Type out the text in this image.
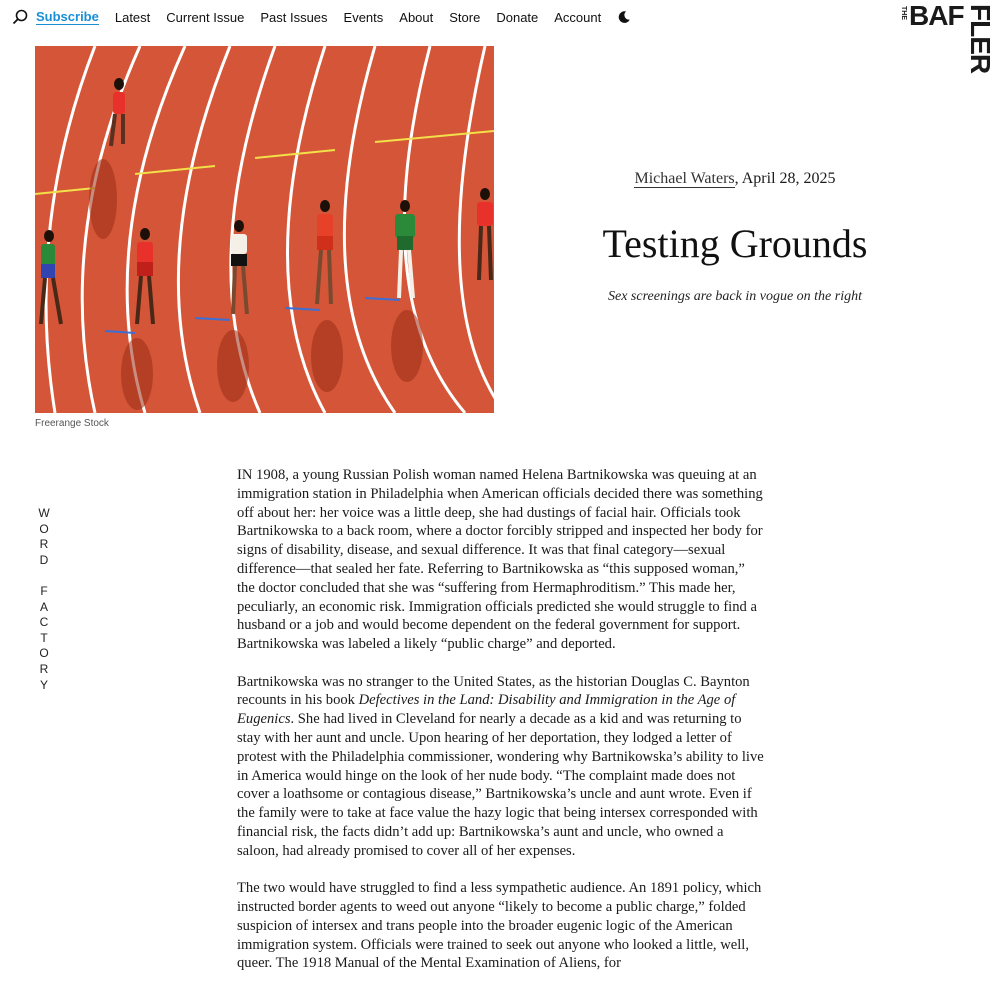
Subscribe Latest Current Issue Past Issues Events About Store Donate Account	THE BAF FLER
Freerange Stock
Michael Waters, April 28, 2025
Testing Grounds

Sex screenings are back in vogue on the right

W
O
R
D

F
A
C
T
O
R
Y

IN 1908, a young Russian Polish woman named Helena Bartnikowska was queuing at an immigration station in Philadelphia when American officials decided there was something off about her: her voice was a little deep, she had dustings of facial hair. Officials took Bartnikowska to a back room, where a doctor forcibly stripped and inspected her body for signs of disability, disease, and sexual difference. It was that final category—sexual difference—that sealed her fate. Referring to Bartnikowska as “this supposed woman,” the doctor concluded that she was “suffering from Hermaphroditism.” This made her, peculiarly, an economic risk. Immigration officials predicted she would struggle to find a husband or a job and would become dependent on the federal government for support. Bartnikowska was labeled a likely “public charge” and deported.

Bartnikowska was no stranger to the United States, as the historian Douglas C. Baynton recounts in his book Defectives in the Land: Disability and Immigration in the Age of Eugenics. She had lived in Cleveland for nearly a decade as a kid and was returning to stay with her aunt and uncle. Upon hearing of her deportation, they lodged a letter of protest with the Philadelphia commissioner, wondering why Bartnikowska’s ability to live in America would hinge on the look of her nude body. “The complaint made does not cover a loathsome or contagious disease,” Bartnikowska’s uncle and aunt wrote. Even if the family were to take at face value the hazy logic that being intersex corresponded with financial risk, the facts didn’t add up: Bartnikowska’s aunt and uncle, who owned a saloon, had already promised to cover all of her expenses.

The two would have struggled to find a less sympathetic audience. An 1891 policy, which instructed border agents to weed out anyone “likely to become a public charge,” folded suspicion of intersex and trans people into the broader eugenic logic of the American immigration system. Officials were trained to seek out anyone who looked a little, well, queer. The 1918 Manual of the Mental Examination of Aliens, for
